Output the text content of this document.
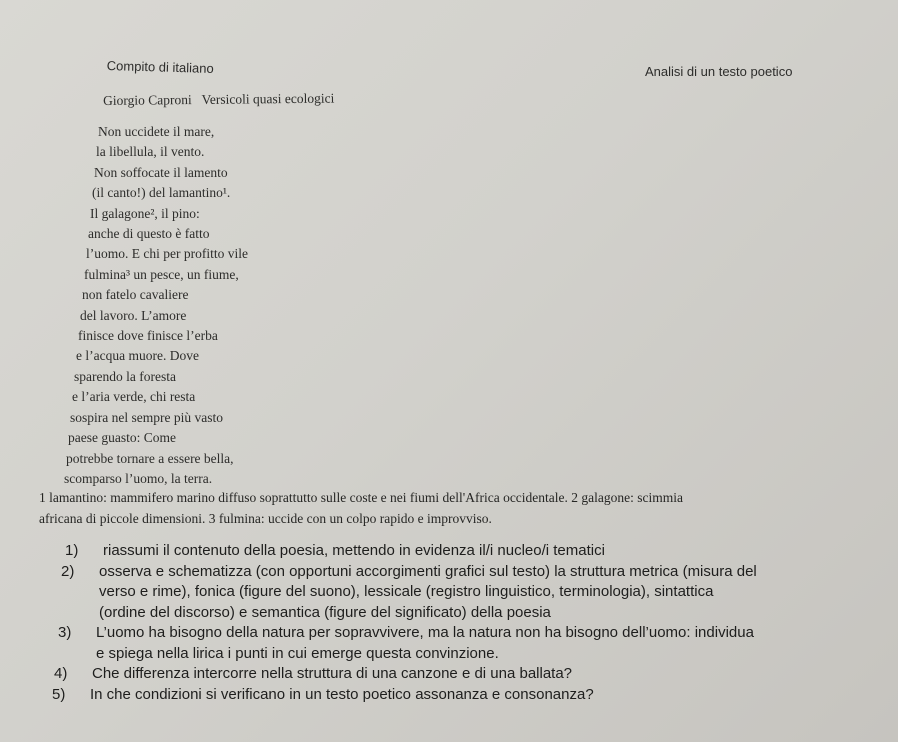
Compito di italiano	Analisi di un testo poetico
Giorgio Caproni   Versicoli quasi ecologici
Non uccidete il mare,
la libellula, il vento.
Non soffocate il lamento
(il canto!) del lamantino¹.
Il galagone², il pino:
anche di questo è fatto
l’uomo. E chi per profitto vile
fulmina³ un pesce, un fiume,
non fatelo cavaliere
del lavoro. L’amore
finisce dove finisce l’erba
e l’acqua muore. Dove
sparendo la foresta
e l’aria verde, chi resta
sospira nel sempre più vasto
paese guasto: Come
potrebbe tornare a essere bella,
scomparso l’uomo, la terra.
1 lamantino: mammifero marino diffuso soprattutto sulle coste e nei fiumi dell'Africa occidentale. 2 galagone: scimmia
africana di piccole dimensioni. 3 fulmina: uccide con un colpo rapido e improvviso.
1) riassumi il contenuto della poesia, mettendo in evidenza il/i nucleo/i tematici
2) osserva e schematizza (con opportuni accorgimenti grafici sul testo) la struttura metrica (misura del
verso e rime), fonica (figure del suono), lessicale (registro linguistico, terminologia), sintattica
(ordine del discorso) e semantica (figure del significato) della poesia
3) L’uomo ha bisogno della natura per sopravvivere, ma la natura non ha bisogno dell’uomo: individua
e spiega nella lirica i punti in cui emerge questa convinzione.
4) Che differenza intercorre nella struttura di una canzone e di una ballata?
5) In che condizioni si verificano in un testo poetico assonanza e consonanza?
